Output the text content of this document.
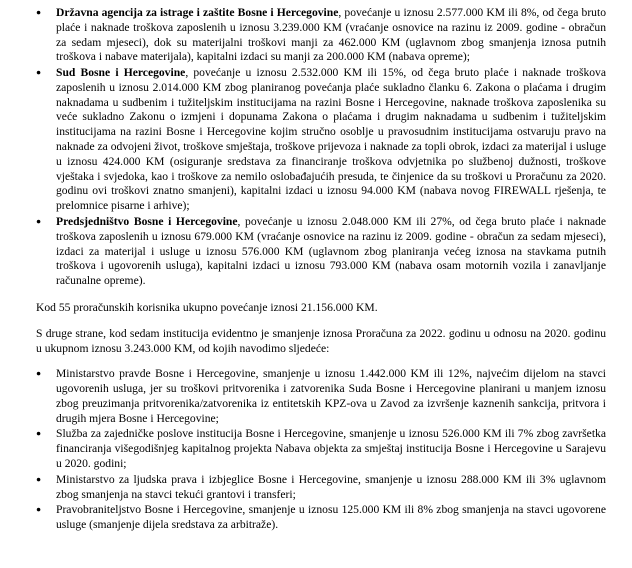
● Državna agencija za istrage i zaštite Bosne i Hercegovine, povećanje u iznosu 2.577.000 KM ili 8%, od čega bruto plaće i naknade troškova zaposlenih u iznosu 3.239.000 KM (vraćanje osnovice na razinu iz 2009. godine - obračun za sedam mjeseci), dok su materijalni troškovi manji za 462.000 KM (uglavnom zbog smanjenja iznosa putnih troškova i nabave materijala), kapitalni izdaci su manji za 200.000 KM (nabava opreme);
● Sud Bosne i Hercegovine, povećanje u iznosu 2.532.000 KM ili 15%, od čega bruto plaće i naknade troškova zaposlenih u iznosu 2.014.000 KM zbog planiranog povećanja plaće sukladno članku 6. Zakona o plaćama i drugim naknadama u sudbenim i tužiteljskim institucijama na razini Bosne i Hercegovine, naknade troškova zaposlenika su veće sukladno Zakonu o izmjeni i dopunama Zakona o plaćama i drugim naknadama u sudbenim i tužiteljskim institucijama na razini Bosne i Hercegovine kojim stručno osoblje u pravosudnim institucijama ostvaruju pravo na naknade za odvojeni život, troškove smještaja, troškove prijevoza i naknade za topli obrok, izdaci za materijal i usluge u iznosu 424.000 KM (osiguranje sredstava za financiranje troškova odvjetnika po službenoj dužnosti, troškove vještaka i svjedoka, kao i troškove za nemilo oslobađajućih presuda, te činjenice da su troškovi u Proračunu za 2020. godinu ovi troškovi znatno smanjeni), kapitalni izdaci u iznosu 94.000 KM (nabava novog FIREWALL rješenja, te prelomnice pisarne i arhive);
● Predsjedništvo Bosne i Hercegovine, povećanje u iznosu 2.048.000 KM ili 27%, od čega bruto plaće i naknade troškova zaposlenih u iznosu 679.000 KM (vraćanje osnovice na razinu iz 2009. godine - obračun za sedam mjeseci), izdaci za materijal i usluge u iznosu 576.000 KM (uglavnom zbog planiranja većeg iznosa na stavkama putnih troškova i ugovorenih usluga), kapitalni izdaci u iznosu 793.000 KM (nabava osam motornih vozila i zanavljanje računalne opreme).

Kod 55 proračunskih korisnika ukupno povećanje iznosi 21.156.000 KM.

S druge strane, kod sedam institucija evidentno je smanjenje iznosa Proračuna za 2022. godinu u odnosu na 2020. godinu u ukupnom iznosu 3.243.000 KM, od kojih navodimo sljedeće:

● Ministarstvo pravde Bosne i Hercegovine, smanjenje u iznosu 1.442.000 KM ili 12%, najvećim dijelom na stavci ugovorenih usluga, jer su troškovi pritvorenika i zatvorenika Suda Bosne i Hercegovine planirani u manjem iznosu zbog preuzimanja pritvorenika/zatvorenika iz entitetskih KPZ-ova u Zavod za izvršenje kaznenih sankcija, pritvora i drugih mjera Bosne i Hercegovine;
● Služba za zajedničke poslove institucija Bosne i Hercegovine, smanjenje u iznosu 526.000 KM ili 7% zbog završetka financiranja višegodišnjeg kapitalnog projekta Nabava objekta za smještaj institucija Bosne i Hercegovine u Sarajevu u 2020. godini;
● Ministarstvo za ljudska prava i izbjeglice Bosne i Hercegovine, smanjenje u iznosu 288.000 KM ili 3% uglavnom zbog smanjenja na stavci tekući grantovi i transferi;
● Pravobraniteljstvo Bosne i Hercegovine, smanjenje u iznosu 125.000 KM ili 8% zbog smanjenja na stavci ugovorene usluge (smanjenje dijela sredstava za arbitraže).
